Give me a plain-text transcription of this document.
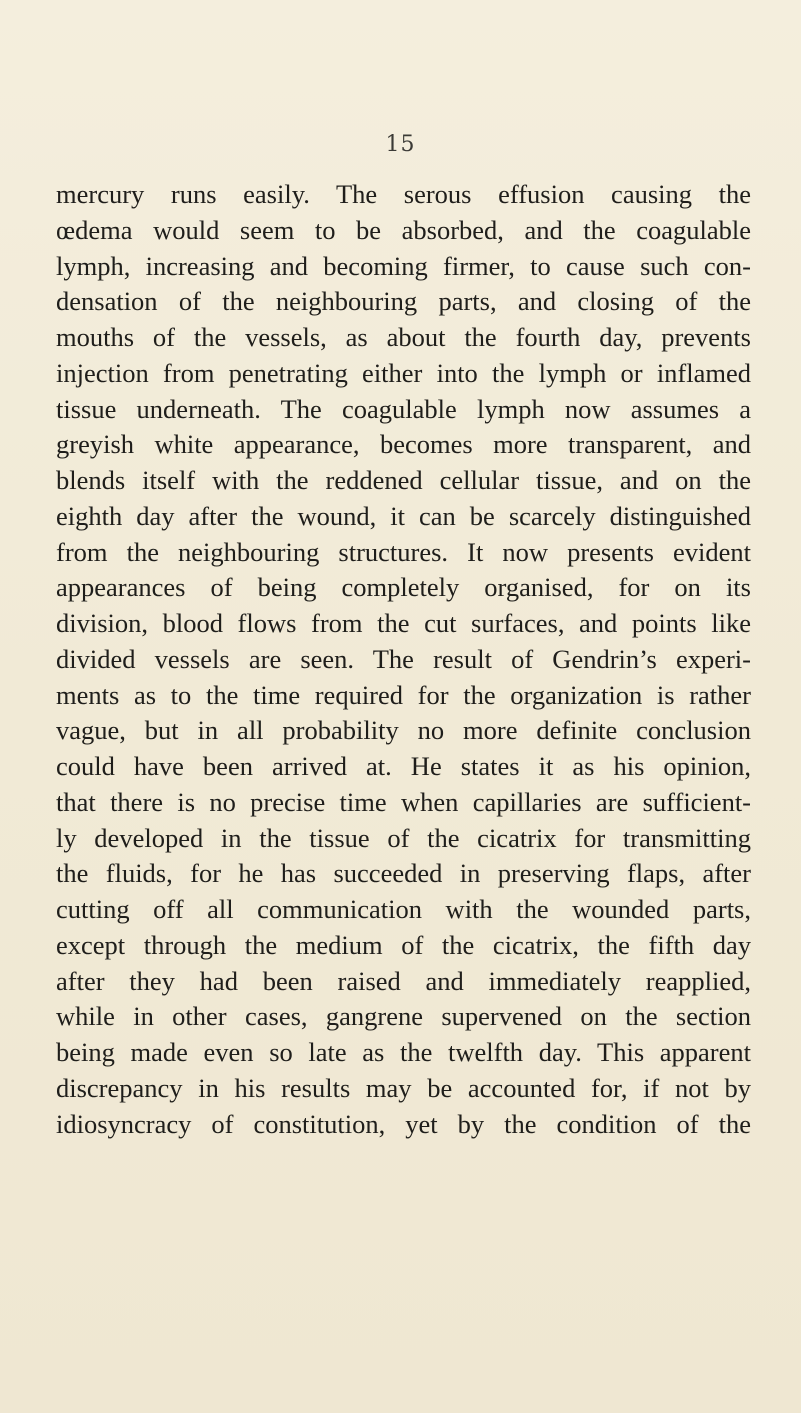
15
mercury runs easily. The serous effusion causing the
œdema would seem to be absorbed, and the coagulable
lymph, increasing and becoming firmer, to cause such con-
densation of the neighbouring parts, and closing of the
mouths of the vessels, as about the fourth day, prevents
injection from penetrating either into the lymph or inflamed
tissue underneath. The coagulable lymph now assumes a
greyish white appearance, becomes more transparent, and
blends itself with the reddened cellular tissue, and on the
eighth day after the wound, it can be scarcely distinguished
from the neighbouring structures. It now presents evident
appearances of being completely organised, for on its
division, blood flows from the cut surfaces, and points like
divided vessels are seen. The result of Gendrin’s experi-
ments as to the time required for the organization is rather
vague, but in all probability no more definite conclusion
could have been arrived at. He states it as his opinion,
that there is no precise time when capillaries are sufficient-
ly developed in the tissue of the cicatrix for transmitting
the fluids, for he has succeeded in preserving flaps, after
cutting off all communication with the wounded parts,
except through the medium of the cicatrix, the fifth day
after they had been raised and immediately reapplied,
while in other cases, gangrene supervened on the section
being made even so late as the twelfth day. This apparent
discrepancy in his results may be accounted for, if not by
idiosyncracy of constitution, yet by the condition of the
